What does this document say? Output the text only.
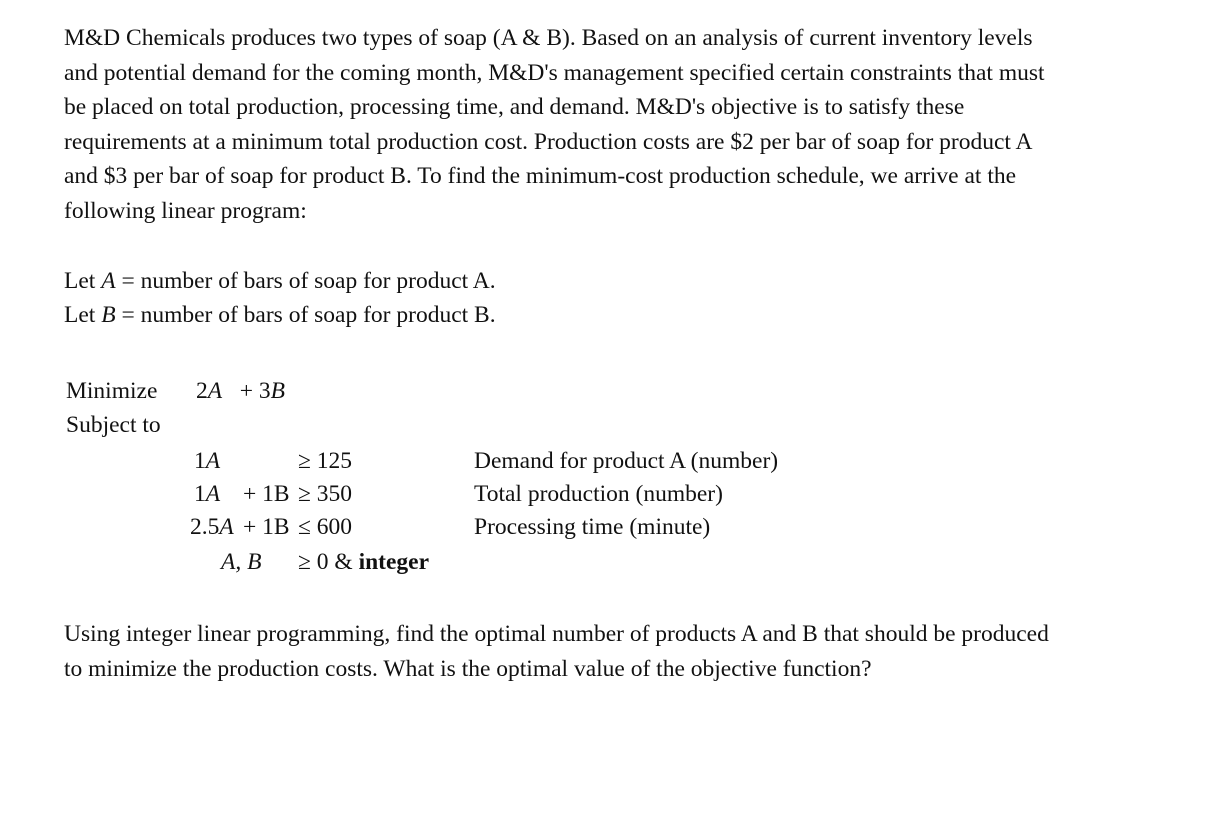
M&D Chemicals produces two types of soap (A & B). Based on an analysis of current inventory levels
and potential demand for the coming month, M&D's management specified certain constraints that must
be placed on total production, processing time, and demand. M&D's objective is to satisfy these
requirements at a minimum total production cost. Production costs are $2 per bar of soap for product A
and $3 per bar of soap for product B. To find the minimum-cost production schedule, we arrive at the
following linear program:
Let A = number of bars of soap for product A.
Let B = number of bars of soap for product B.
Minimize 2A + 3B
Subject to
1A	≥ 125	Demand for product A (number)
1A + 1B ≥ 350	Total production (number)
2.5A + 1B ≤ 600	Processing time (minute)
A, B ≥ 0 & integer
Using integer linear programming, find the optimal number of products A and B that should be produced
to minimize the production costs. What is the optimal value of the objective function?
